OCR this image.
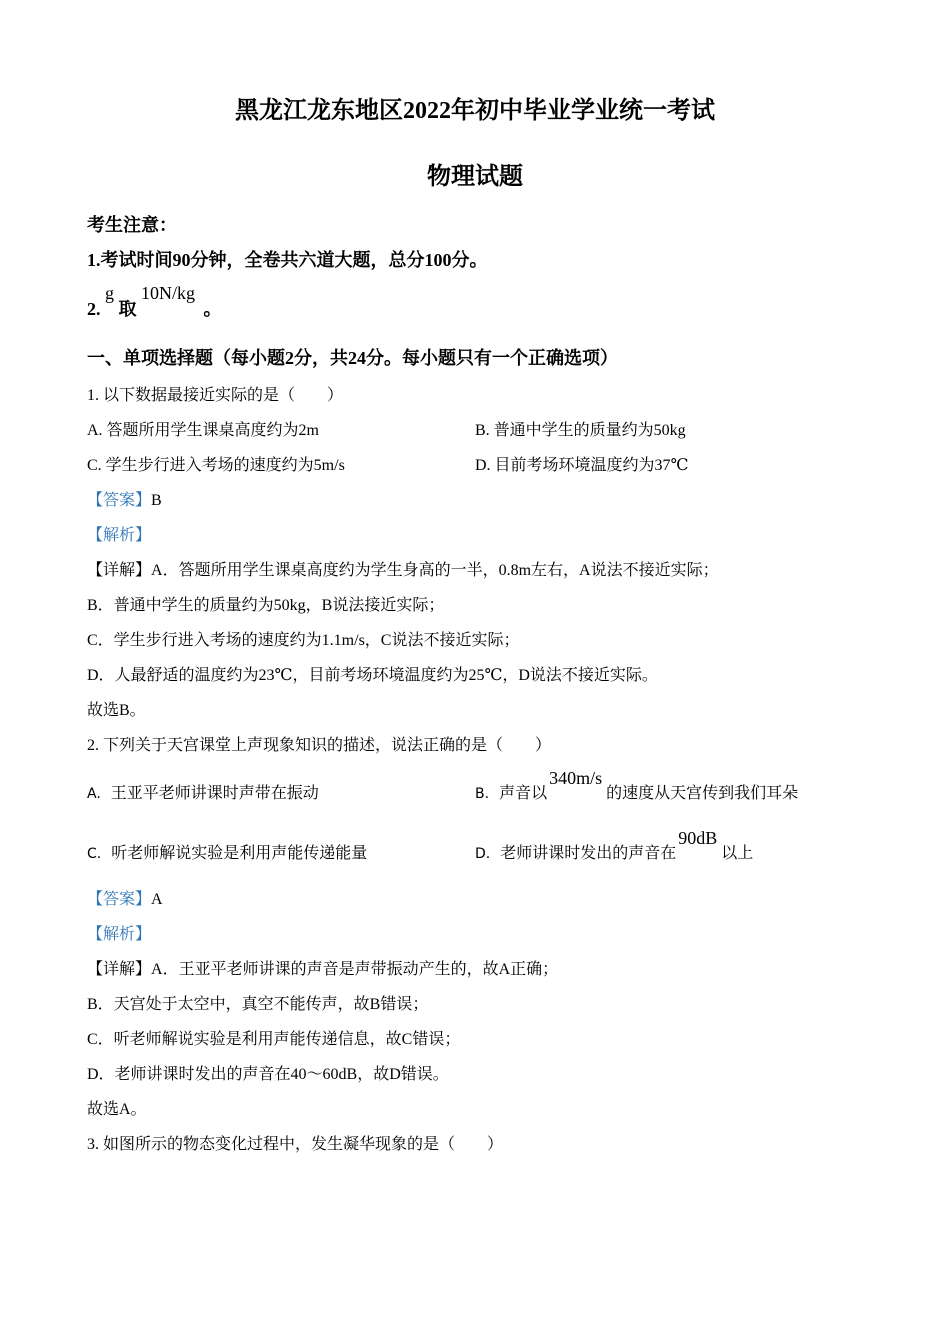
黑龙江龙东地区2022年初中毕业学业统一考试
物理试题
考生注意：
1.考试时间90分钟，全卷共六道大题，总分100分。
2. g 取 10N/kg 。
一、单项选择题（每小题2分，共24分。每小题只有一个正确选项）
1. 以下数据最接近实际的是（　　）
A. 答题所用学生课桌高度约为2m	B. 普通中学生的质量约为50kg
C. 学生步行进入考场的速度约为5m/s	D. 目前考场环境温度约为37℃
【答案】B
【解析】
【详解】A．答题所用学生课桌高度约为学生身高的一半，0.8m左右，A说法不接近实际；
B．普通中学生的质量约为50kg，B说法接近实际；
C．学生步行进入考场的速度约为1.1m/s，C说法不接近实际；
D．人最舒适的温度约为23℃，目前考场环境温度约为25℃，D说法不接近实际。
故选B。
2. 下列关于天宫课堂上声现象知识的描述，说法正确的是（　　）
A. 王亚平老师讲课时声带在振动	B. 声音以340m/s的速度从天宫传到我们耳朵
C. 听老师解说实验是利用声能传递能量	D. 老师讲课时发出的声音在90dB以上
【答案】A
【解析】
【详解】A．王亚平老师讲课的声音是声带振动产生的，故A正确；
B．天宫处于太空中，真空不能传声，故B错误；
C．听老师解说实验是利用声能传递信息，故C错误；
D．老师讲课时发出的声音在40～60dB，故D错误。
故选A。
3. 如图所示的物态变化过程中，发生凝华现象的是（　　）
